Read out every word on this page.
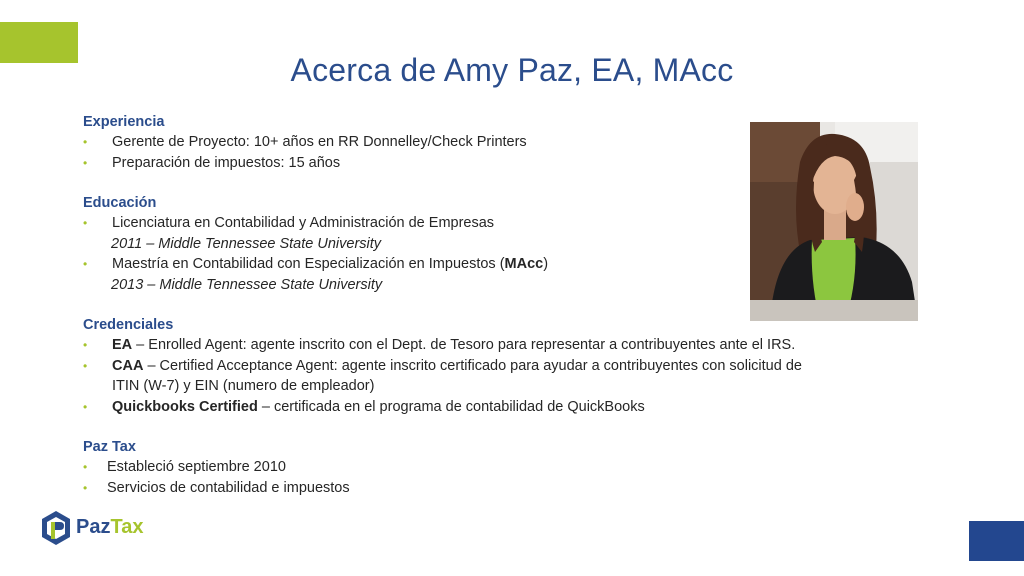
Acerca de Amy Paz, EA, MAcc
Experiencia
• Gerente de Proyecto: 10+ años en RR Donnelley/Check Printers
• Preparación de impuestos: 15 años
Educación
• Licenciatura en Contabilidad y Administración de Empresas
2011 – Middle Tennessee State University
• Maestría en Contabilidad con Especialización en Impuestos (MAcc)
2013 – Middle Tennessee State University
Credenciales
• EA – Enrolled Agent: agente inscrito con el Dept. de Tesoro para representar a contribuyentes ante el IRS.
• CAA – Certified Acceptance Agent: agente inscrito certificado para ayudar a contribuyentes con solicitud de
ITIN (W-7) y EIN (numero de empleador)
• Quickbooks Certified – certificada en el programa de contabilidad de QuickBooks
Paz Tax
• Estableció septiembre 2010
• Servicios de contabilidad e impuestos
PazTax
